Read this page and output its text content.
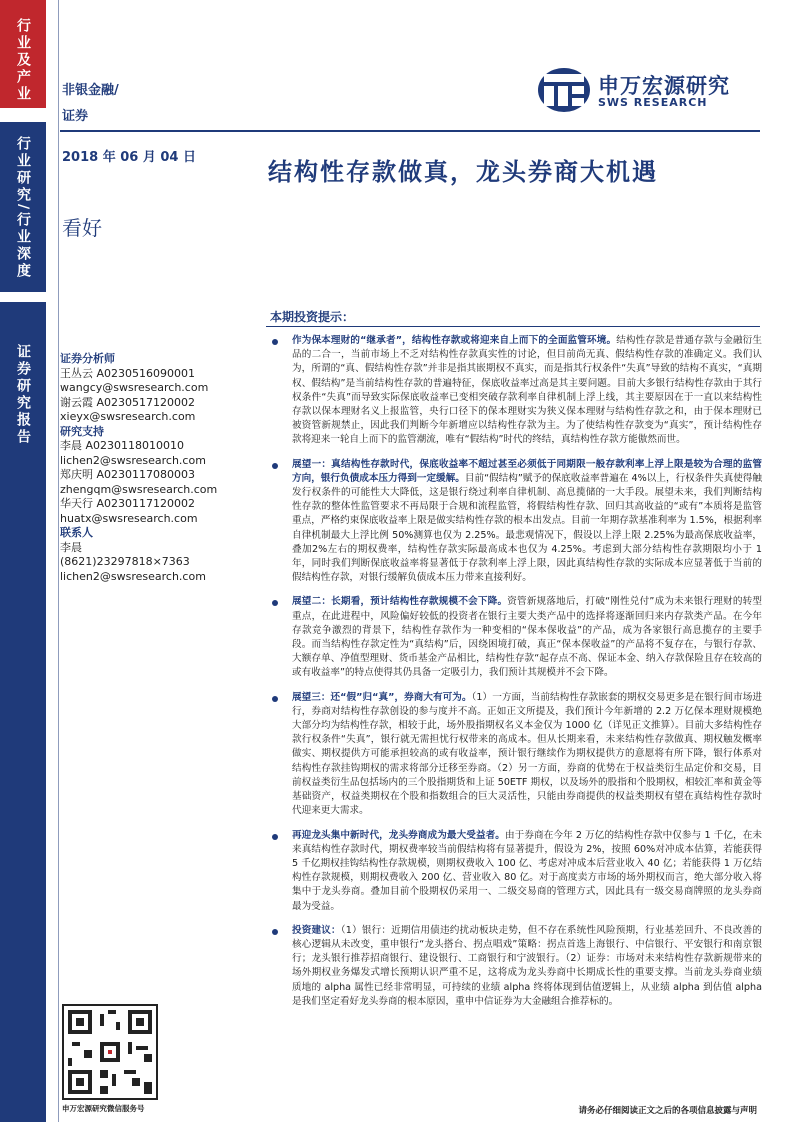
行业及产业
行业研究/行业深度
证券研究报告
非银金融/
证券
2018 年 06 月 04 日
看好
申万宏源研究
SWS RESEARCH
结构性存款做真，龙头券商大机遇
本期投资提示：
证券分析师
王丛云 A0230516090001
wangcy@swsresearch.com
谢云霞 A0230517120002
xieyx@swsresearch.com
研究支持
李晨 A0230118010010
lichen2@swsresearch.com
郑庆明 A0230117080003
zhengqm@swsresearch.com
华天行 A0230117120002
huatx@swsresearch.com
联系人
李晨
(8621)23297818×7363
lichen2@swsresearch.com
作为保本理财的“继承者”，结构性存款或将迎来自上而下的全面监管环境。结构性存款是普通存款与金融衍生品的二合一，当前市场上不乏对结构性存款真实性的讨论，但目前尚无真、假结构性存款的准确定义。我们认为，所谓的“真、假结构性存款”并非是指其嵌期权不真实，而是指其行权条件“失真”导致的结构不真实，“真期权、假结构”是当前结构性存款的普遍特征，保底收益率过高是其主要问题。目前大多银行结构性存款由于其行权条件“失真”而导致实际保底收益率已变相突破存款利率自律机制上浮上线，其主要原因在于一直以来结构性存款以保本理财名义上报监管，央行口径下的保本理财实为狭义保本理财与结构性存款之和，由于保本理财已被资管新规禁止，因此我们判断今年新增应以结构性存款为主。为了使结构性存款变为“真实”，预计结构性存款将迎来一轮自上而下的监管潮流，唯有“假结构”时代的终结，真结构性存款方能傲然而世。
展望一：真结构性存款时代，保底收益率不超过甚至必须低于同期限一般存款利率上浮上限是较为合理的监管方向，银行负债成本压力得到一定缓解。目前“假结构”赋予的保底收益率普遍在 4%以上，行权条件失真使得触发行权条件的可能性大大降低，这是银行绕过利率自律机制、高息揽储的一大手段。展望未来，我们判断结构性存款的整体性监管要求不再局限于合规和流程监管，将假结构性存款、回归其高收益的“或有”本质将是监管重点，严格约束保底收益率上限是做实结构性存款的根本出发点。目前一年期存款基准利率为 1.5%，根据利率自律机制最大上浮比例 50%测算也仅为 2.25%。最悲观情况下，假设以上浮上限 2.25%为最高保底收益率，叠加2%左右的期权费率，结构性存款实际最高成本也仅为 4.25%。考虑到大部分结构性存款期限均小于 1 年，同时我们判断保底收益率将显著低于存款利率上浮上限，因此真结构性存款的实际成本应显著低于当前的假结构性存款，对银行缓解负债成本压力带来直接利好。
展望二：长期看，预计结构性存款规模不会下降。资管新规落地后，打破“刚性兑付”成为未来银行理财的转型重点，在此进程中，风险偏好较低的投资者在银行主要大类产品中的选择将逐渐回归来内存款类产品。在今年存款竞争激烈的背景下，结构性存款作为一种变相的“保本保收益”的产品，成为各家银行高息揽存的主要手段。而当结构性存款定性为“真结构”后，因绕困境打破，真正“保本保收益”的产品将不复存在，与银行存款、大额存单、净值型理财、货币基金产品相比，结构性存款“起存点不高、保证本金、纳入存款保险且存在较高的或有收益率”的特点使得其仍具备一定吸引力，我们预计其规模并不会下降。
展望三：还“假”归“真”，券商大有可为。（1）一方面，当前结构性存款嵌套的期权交易更多是在银行间市场进行，券商对结构性存款创设的参与度并不高。正如正文所提及，我们预计今年新增的 2.2 万亿保本理财规模绝大部分均为结构性存款，相较于此，场外股指期权名义本金仅为 1000 亿（详见正文推算）。目前大多结构性存款行权条件“失真”，银行就无需担忧行权带来的高成本。但从长期来看，未来结构性存款做真、期权触发概率做实、期权提供方可能承担较高的或有收益率，预计银行继续作为期权提供方的意愿将有所下降，银行体系对结构性存款挂钩期权的需求将部分迁移至券商。（2）另一方面，券商的优势在于权益类衍生品定价和交易，目前权益类衍生品包括场内的三个股指期货和上证 50ETF 期权，以及场外的股指和个股期权，相较汇率和黄金等基础资产，权益类期权在个股和指数组合的巨大灵活性，只能由券商提供的权益类期权有望在真结构性存款时代迎来更大需求。
再迎龙头集中新时代，龙头券商成为最大受益者。由于券商在今年 2 万亿的结构性存款中仅参与 1 千亿，在未来真结构性存款时代，期权费率较当前假结构将有显著提升，假设为 2%，按照 60%对冲成本估算，若能获得 5 千亿期权挂钩结构性存款规模，则期权费收入 100 亿、考虑对冲成本后营业收入 40 亿；若能获得 1 万亿结构性存款规模，则期权费收入 200 亿、营业收入 80 亿。对于高度卖方市场的场外期权而言，绝大部分收入将集中于龙头券商。叠加目前个股期权仍采用一、二级交易商的管理方式，因此具有一级交易商牌照的龙头券商最为受益。
投资建议：（1）银行：近期信用债违约扰动板块走势，但不存在系统性风险预期，行业基差回升、不良改善的核心逻辑从未改变，重申银行“龙头搭台、拐点唱戏”策略：拐点首选上海银行、中信银行、平安银行和南京银行；龙头银行推荐招商银行、建设银行、工商银行和宁波银行。（2）证券：市场对未来结构性存款新规带来的场外期权业务爆发式增长预期认识严重不足，这将成为龙头券商中长期成长性的重要支撑。当前龙头券商业绩质地的 alpha 属性已经非常明显，可持续的业绩 alpha 终将体现到估值逻辑上，从业绩 alpha 到估值 alpha 是我们坚定看好龙头券商的根本原因，重申中信证券为大金融组合推荐标的。
申万宏源研究微信服务号	请务必仔细阅读正文之后的各项信息披露与声明
